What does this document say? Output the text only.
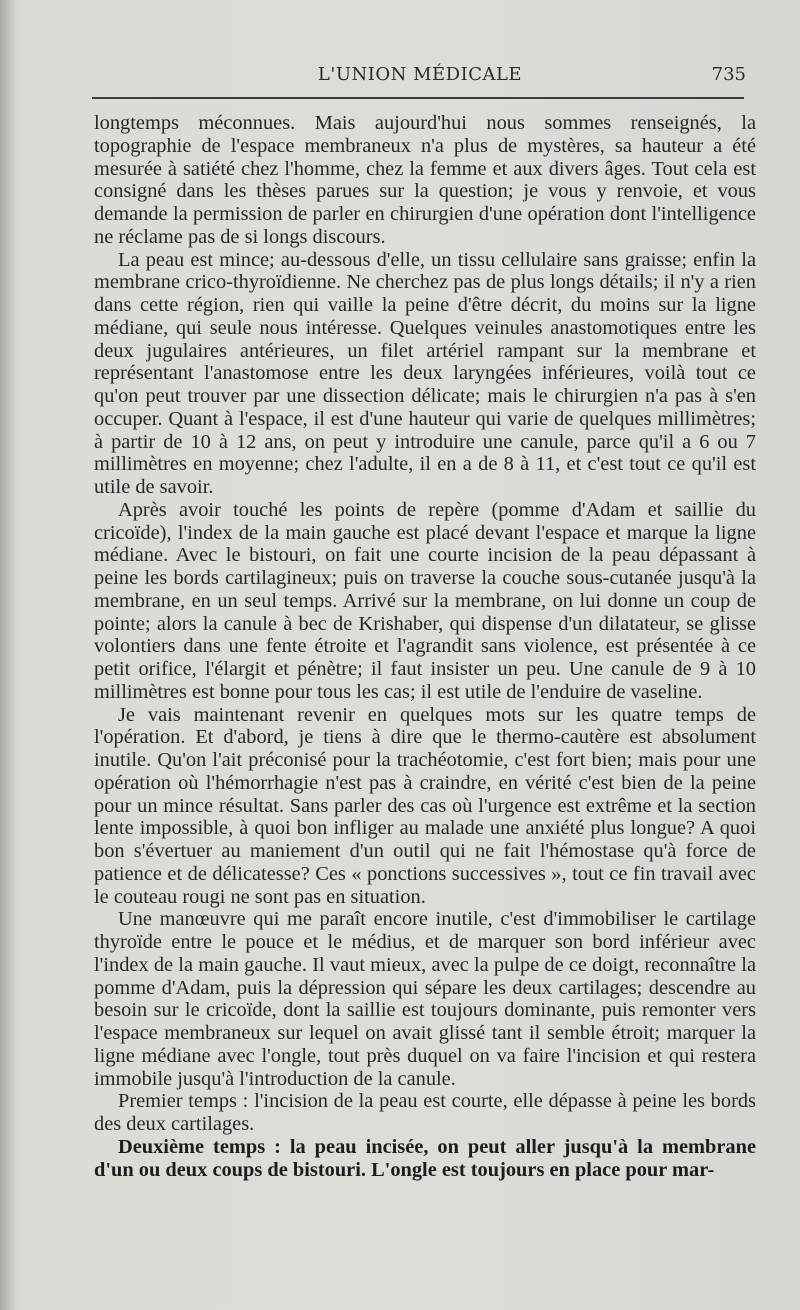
L'UNION MÉDICALE	735

longtemps méconnues. Mais aujourd'hui nous sommes renseignés, la topographie de l'espace membraneux n'a plus de mystères, sa hauteur a été mesurée à satiété chez l'homme, chez la femme et aux divers âges. Tout cela est consigné dans les thèses parues sur la question; je vous y renvoie, et vous demande la permission de parler en chirurgien d'une opération dont l'intelligence ne réclame pas de si longs discours.

La peau est mince; au-dessous d'elle, un tissu cellulaire sans graisse; enfin la membrane crico-thyroïdienne. Ne cherchez pas de plus longs détails; il n'y a rien dans cette région, rien qui vaille la peine d'être décrit, du moins sur la ligne médiane, qui seule nous intéresse. Quelques veinules anastomotiques entre les deux jugulaires antérieures, un filet artériel rampant sur la membrane et représentant l'anastomose entre les deux laryngées inférieures, voilà tout ce qu'on peut trouver par une dissection délicate; mais le chirurgien n'a pas à s'en occuper. Quant à l'espace, il est d'une hauteur qui varie de quelques millimètres; à partir de 10 à 12 ans, on peut y introduire une canule, parce qu'il a 6 ou 7 millimètres en moyenne; chez l'adulte, il en a de 8 à 11, et c'est tout ce qu'il est utile de savoir.

Après avoir touché les points de repère (pomme d'Adam et saillie du cricoïde), l'index de la main gauche est placé devant l'espace et marque la ligne médiane. Avec le bistouri, on fait une courte incision de la peau dépassant à peine les bords cartilagineux; puis on traverse la couche sous-cutanée jusqu'à la membrane, en un seul temps. Arrivé sur la membrane, on lui donne un coup de pointe; alors la canule à bec de Krishaber, qui dispense d'un dilatateur, se glisse volontiers dans une fente étroite et l'agrandit sans violence, est présentée à ce petit orifice, l'élargit et pénètre; il faut insister un peu. Une canule de 9 à 10 millimètres est bonne pour tous les cas; il est utile de l'enduire de vaseline.

Je vais maintenant revenir en quelques mots sur les quatre temps de l'opération. Et d'abord, je tiens à dire que le thermo-cautère est absolument inutile. Qu'on l'ait préconisé pour la trachéotomie, c'est fort bien; mais pour une opération où l'hémorrhagie n'est pas à craindre, en vérité c'est bien de la peine pour un mince résultat. Sans parler des cas où l'urgence est extrême et la section lente impossible, à quoi bon infliger au malade une anxiété plus longue? A quoi bon s'évertuer au maniement d'un outil qui ne fait l'hémostase qu'à force de patience et de délicatesse? Ces « ponctions successives », tout ce fin travail avec le couteau rougi ne sont pas en situation.

Une manœuvre qui me paraît encore inutile, c'est d'immobiliser le cartilage thyroïde entre le pouce et le médius, et de marquer son bord inférieur avec l'index de la main gauche. Il vaut mieux, avec la pulpe de ce doigt, reconnaître la pomme d'Adam, puis la dépression qui sépare les deux cartilages; descendre au besoin sur le cricoïde, dont la saillie est toujours dominante, puis remonter vers l'espace membraneux sur lequel on avait glissé tant il semble étroit; marquer la ligne médiane avec l'ongle, tout près duquel on va faire l'incision et qui restera immobile jusqu'à l'introduction de la canule.

Premier temps : l'incision de la peau est courte, elle dépasse à peine les bords des deux cartilages.

Deuxième temps : la peau incisée, on peut aller jusqu'à la membrane d'un ou deux coups de bistouri. L'ongle est toujours en place pour mar-
